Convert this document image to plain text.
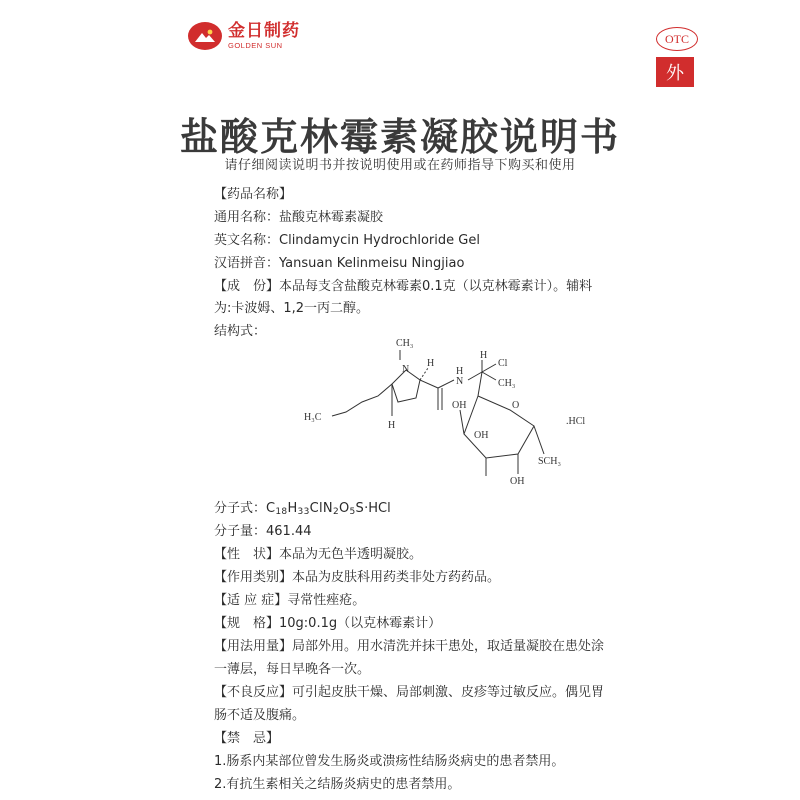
金日制药
GOLDEN SUN	OTC
外
盐酸克林霉素凝胶说明书
请仔细阅读说明书并按说明使用或在药师指导下购买和使用
【药品名称】
通用名称：盐酸克林霉素凝胶
英文名称：Clindamycin Hydrochloride Gel
汉语拼音：Yansuan Kelinmeisu Ningjiao
【成　份】本品每支含盐酸克林霉素0.1克（以克林霉素计）。辅料
为:卡波姆、1,2一丙二醇。
结构式：
分子式：$C_{18}H_{33}ClN_2O_5S\cdot HCl$
分子量：461.44
【性　状】本品为无色半透明凝胶。
【作用类别】本品为皮肤科用药类非处方药药品。
【适 应 症】寻常性痤疮。
【规　格】10g:0.1g（以克林霉素计）
【用法用量】局部外用。用水清洗并抹干患处，取适量凝胶在患处涂
一薄层，每日早晚各一次。
【不良反应】可引起皮肤干燥、局部刺激、皮疹等过敏反应。偶见胃
肠不适及腹痛。
【禁　忌】
1.肠系内某部位曾发生肠炎或溃疡性结肠炎病史的患者禁用。
2.有抗生素相关之结肠炎病史的患者禁用。
CH₃
N
H
N
H
H
Cl
CH₃
H₃C
H
OH	O
OH
OH
SCH₃
.HCl
